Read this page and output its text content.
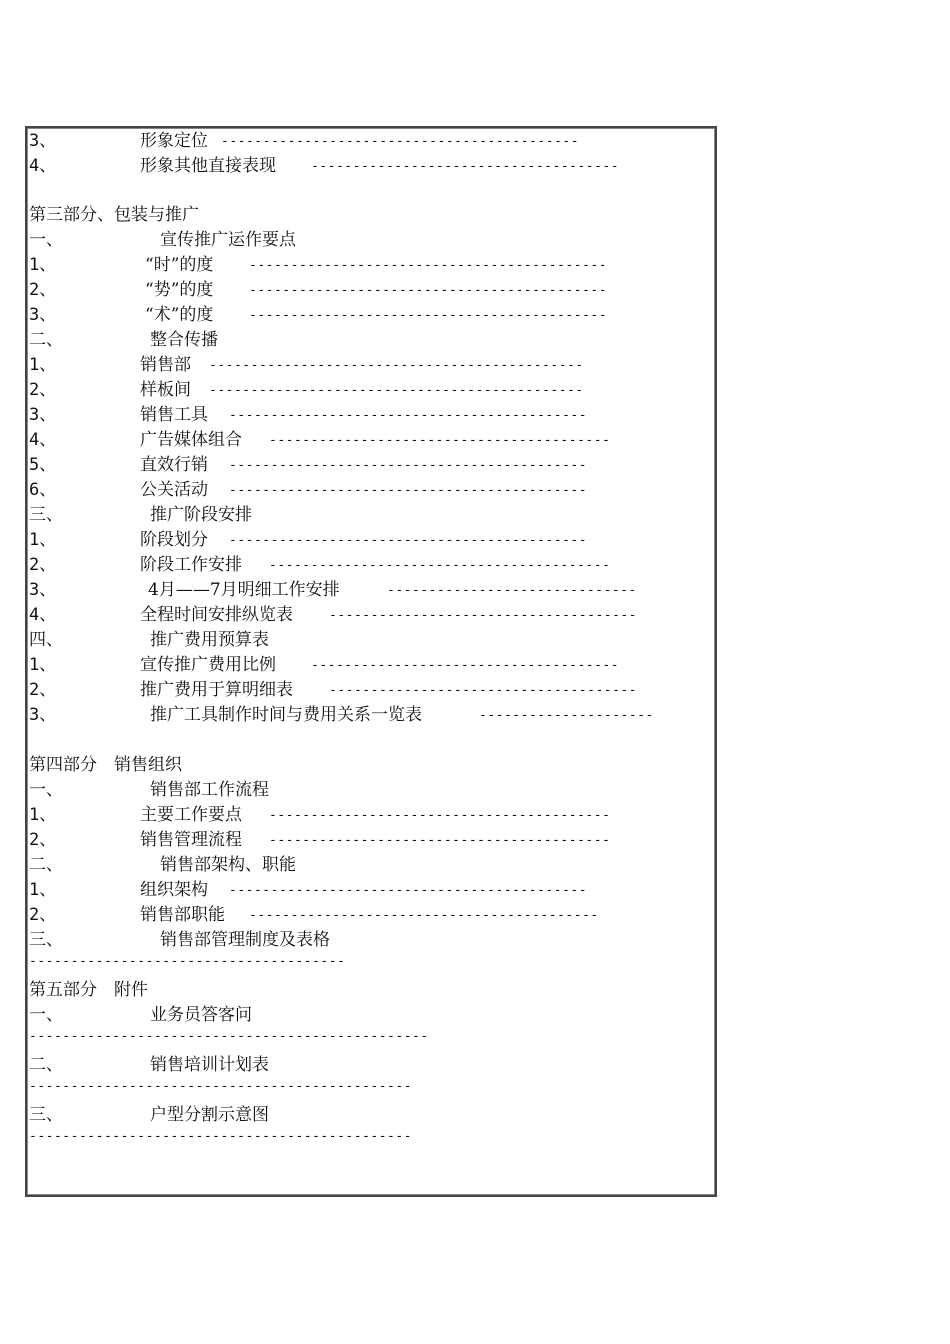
3、	形象定位 -------------------------------------------
4、	形象其他直接表现	-------------------------------------
第三部分、包装与推广
一、	宣传推广运作要点
1、	“时”的度	-------------------------------------------
2、	“势”的度	-------------------------------------------
3、	“术”的度	-------------------------------------------
二、	整合传播
1、	销售部 ---------------------------------------------
2、	样板间 ---------------------------------------------
3、	销售工具 -------------------------------------------
4、	广告媒体组合 -----------------------------------------
5、	直效行销 -------------------------------------------
6、	公关活动 -------------------------------------------
三、	推广阶段安排
1、	阶段划分 -------------------------------------------
2、	阶段工作安排 -----------------------------------------
3、	4月——7月明细工作安排	------------------------------
4、	全程时间安排纵览表	-------------------------------------
四、	推广费用预算表
1、	宣传推广费用比例	-------------------------------------
2、	推广费用于算明细表	-------------------------------------
3、	推广工具制作时间与费用关系一览表	---------------------
第四部分　销售组织
一、	销售部工作流程
1、	主要工作要点 -----------------------------------------
2、	销售管理流程 -----------------------------------------
二、	销售部架构、职能
1、	组织架构 -------------------------------------------
2、	销售部职能 ------------------------------------------
三、	销售部管理制度及表格
--------------------------------------
第五部分　附件
一、	业务员答客问
------------------------------------------------
二、	销售培训计划表
----------------------------------------------
三、	户型分割示意图
----------------------------------------------
